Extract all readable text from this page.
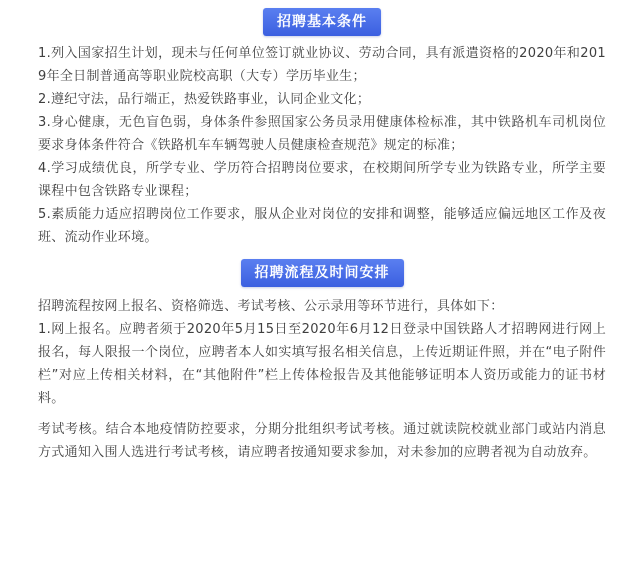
招聘基本条件

1.列入国家招生计划，现未与任何单位签订就业协议、劳动合同，具有派遣资格的2020年和2019年全日制普通高等职业院校高职（大专）学历毕业生；

2.遵纪守法，品行端正，热爱铁路事业，认同企业文化；

3.身心健康，无色盲色弱，身体条件参照国家公务员录用健康体检标准，其中铁路机车司机岗位要求身体条件符合《铁路机车车辆驾驶人员健康检查规范》规定的标准；

4.学习成绩优良，所学专业、学历符合招聘岗位要求，在校期间所学专业为铁路专业，所学主要课程中包含铁路专业课程；

5.素质能力适应招聘岗位工作要求，服从企业对岗位的安排和调整，能够适应偏远地区工作及夜班、流动作业环境。

招聘流程及时间安排

招聘流程按网上报名、资格筛选、考试考核、公示录用等环节进行，具体如下：

1.网上报名。应聘者须于2020年5月15日至2020年6月12日登录中国铁路人才招聘网进行网上报名，每人限报一个岗位，应聘者本人如实填写报名相关信息，上传近期证件照，并在“电子附件栏”对应上传相关材料，在“其他附件”栏上传体检报告及其他能够证明本人资历或能力的证书材料。

考试考核。结合本地疫情防控要求，分期分批组织考试考核。通过就读院校就业部门或站内消息方式通知入围人选进行考试考核，请应聘者按通知要求参加，对未参加的应聘者视为自动放弃。
